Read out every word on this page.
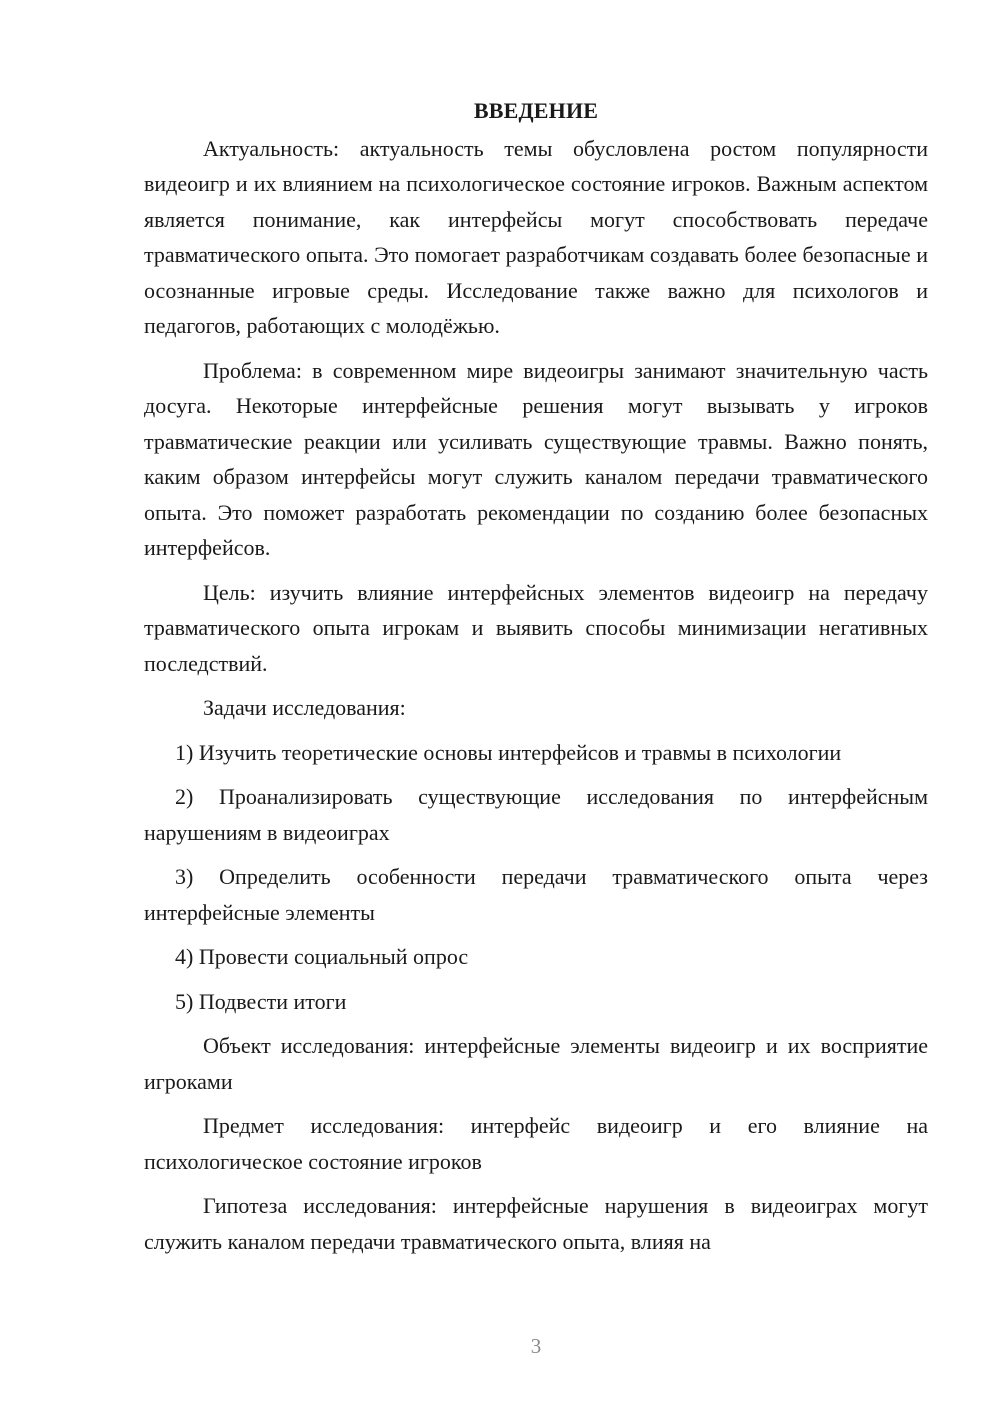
ВВЕДЕНИЕ

Актуальность: актуальность темы обусловлена ростом популярности видеоигр и их влиянием на психологическое состояние игроков. Важным аспектом является понимание, как интерфейсы могут способствовать передаче травматического опыта. Это помогает разработчикам создавать более безопасные и осознанные игровые среды. Исследование также важно для психологов и педагогов, работающих с молодёжью.

Проблема: в современном мире видеоигры занимают значительную часть досуга. Некоторые интерфейсные решения могут вызывать у игроков травматические реакции или усиливать существующие травмы. Важно понять, каким образом интерфейсы могут служить каналом передачи травматического опыта. Это поможет разработать рекомендации по созданию более безопасных интерфейсов.

Цель: изучить влияние интерфейсных элементов видеоигр на передачу травматического опыта игрокам и выявить способы минимизации негативных последствий.

Задачи исследования:

1) Изучить теоретические основы интерфейсов и травмы в психологии

2) Проанализировать существующие исследования по интерфейсным нарушениям в видеоиграх

3) Определить особенности передачи травматического опыта через интерфейсные элементы

4) Провести социальный опрос

5) Подвести итоги

Объект исследования: интерфейсные элементы видеоигр и их восприятие игроками

Предмет исследования: интерфейс видеоигр и его влияние на психологическое состояние игроков

Гипотеза исследования: интерфейсные нарушения в видеоиграх могут служить каналом передачи травматического опыта, влияя на

3
